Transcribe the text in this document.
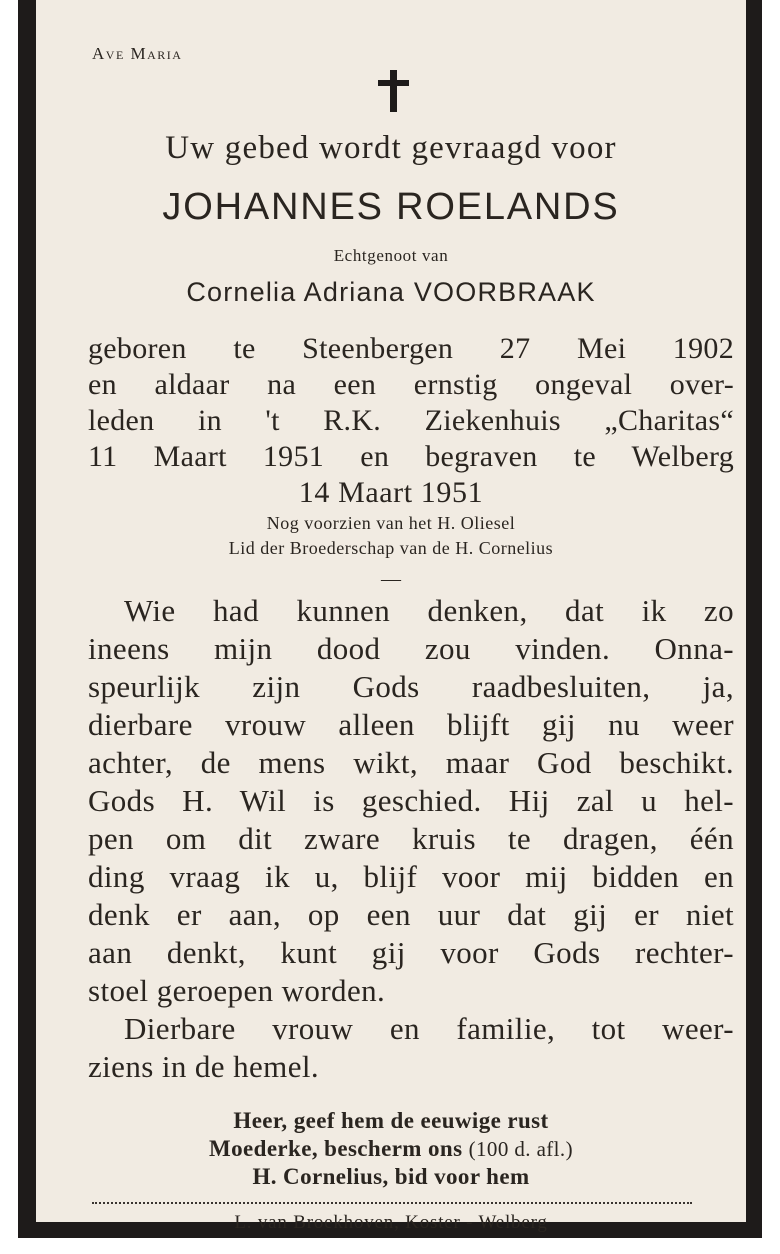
Ave Maria
Uw gebed wordt gevraagd voor
JOHANNES ROELANDS
Echtgenoot van
Cornelia Adriana VOORBRAAK
geboren te Steenbergen 27 Mei 1902
en aldaar na een ernstig ongeval over-
leden in 't R.K. Ziekenhuis „Charitas“
11 Maart 1951 en begraven te Welberg
14 Maart 1951
Nog voorzien van het H. Oliesel
Lid der Broederschap van de H. Cornelius
—
Wie had kunnen denken, dat ik zo
ineens mijn dood zou vinden. Onna-
speurlijk zijn Gods raadbesluiten, ja,
dierbare vrouw alleen blijft gij nu weer
achter, de mens wikt, maar God beschikt.
Gods H. Wil is geschied. Hij zal u hel-
pen om dit zware kruis te dragen, één
ding vraag ik u, blijf voor mij bidden en
denk er aan, op een uur dat gij er niet
aan denkt, kunt gij voor Gods rechter-
stoel geroepen worden.
Dierbare vrouw en familie, tot weer-
ziens in de hemel.
Heer, geef hem de eeuwige rust
Moederke, bescherm ons (100 d. afl.)
H. Cornelius, bid voor hem
L. van Broekhoven, Koster - Welberg
